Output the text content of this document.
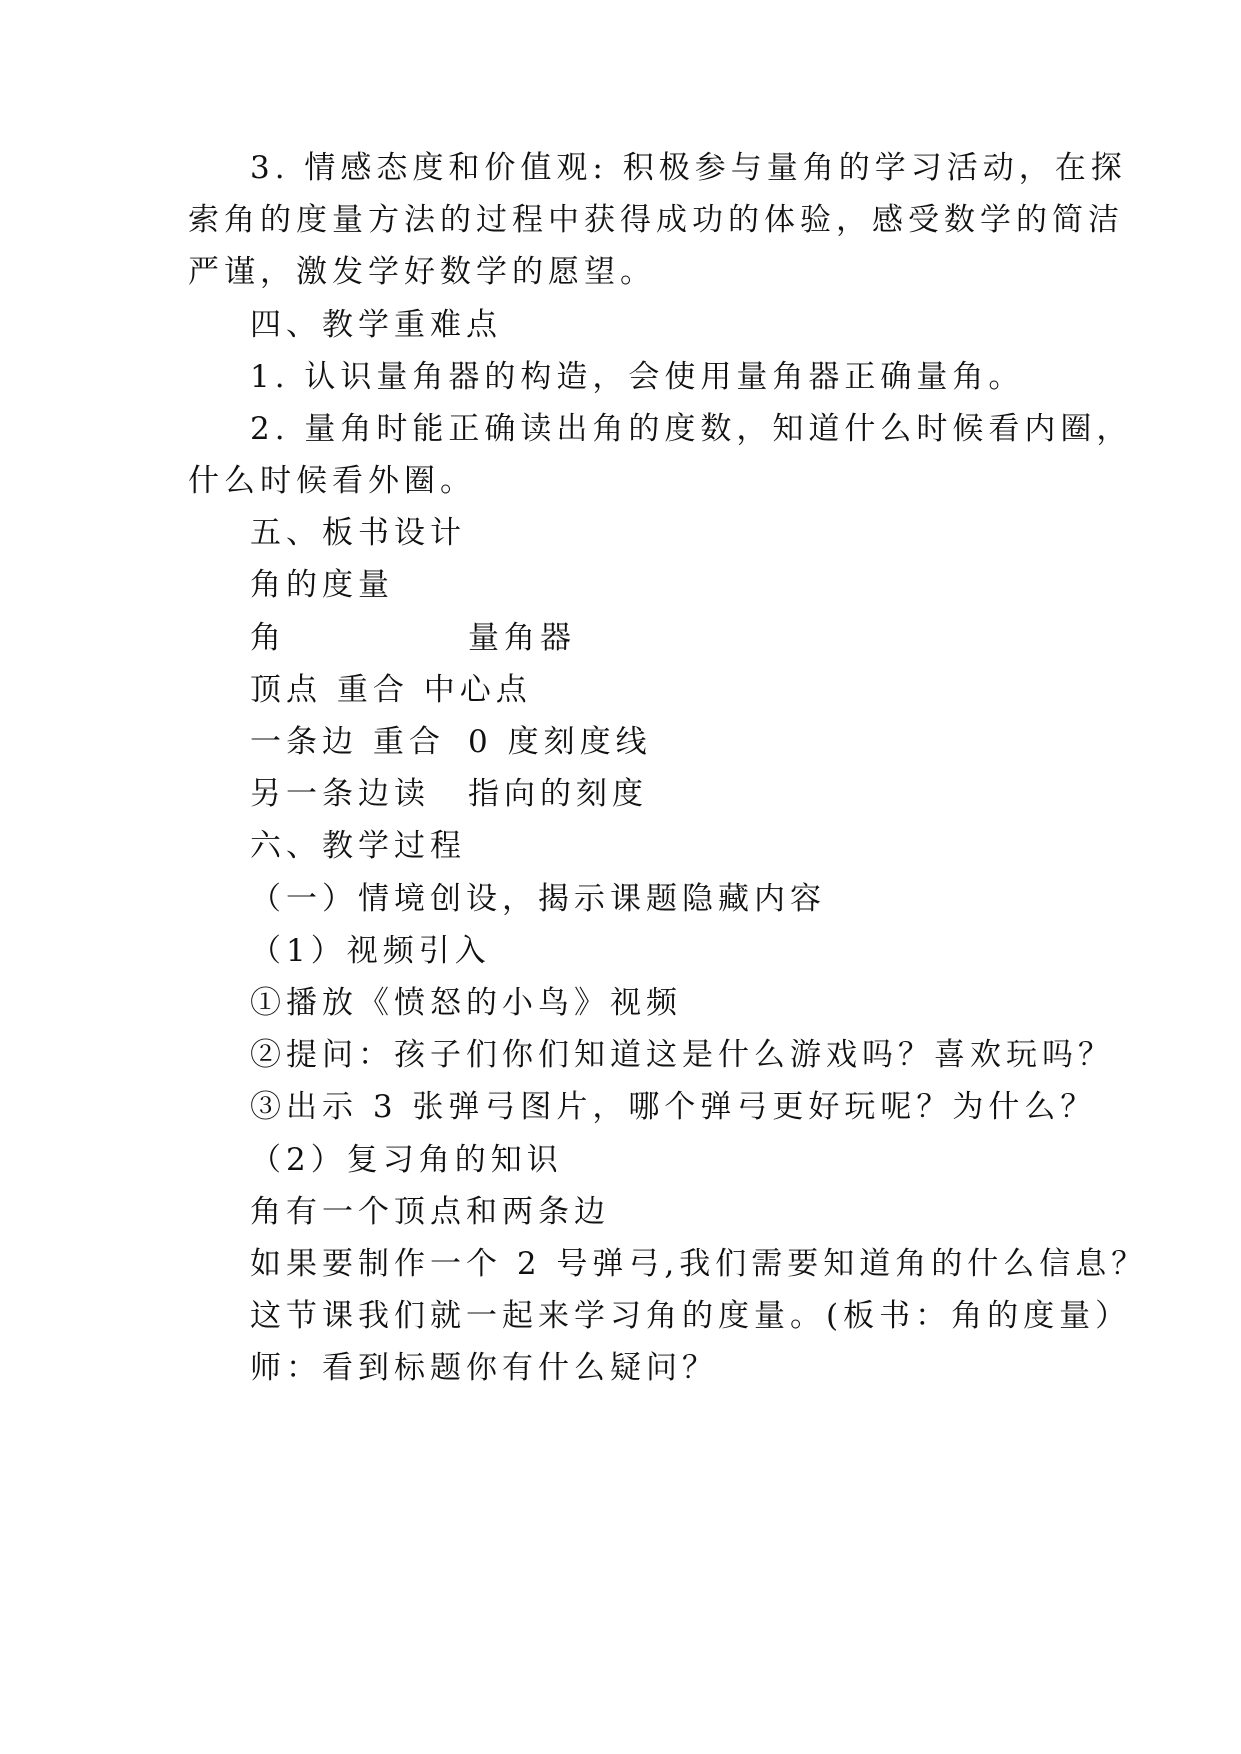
3. 情感态度和价值观: 积极参与量角的学习活动，在探
索角的度量方法的过程中获得成功的体验，感受数学的简洁
严谨，激发学好数学的愿望。
四、教学重难点
1. 认识量角器的构造，会使用量角器正确量角。
2. 量角时能正确读出角的度数，知道什么时候看内圈，
什么时候看外圈。
五、板书设计
角的度量
角	量角器
顶点 重合 中心点
一条边 重合 0 度刻度线
另一条边读 指向的刻度
六、教学过程
（一）情境创设，揭示课题隐藏内容
（1）视频引入
①播放《愤怒的小鸟》视频
②提问：孩子们你们知道这是什么游戏吗？喜欢玩吗？
③出示 3 张弹弓图片，哪个弹弓更好玩呢？为什么？
（2）复习角的知识
角有一个顶点和两条边
如果要制作一个 2 号弹弓,我们需要知道角的什么信息？
这节课我们就一起来学习角的度量。(板书：角的度量）
师：看到标题你有什么疑问？
